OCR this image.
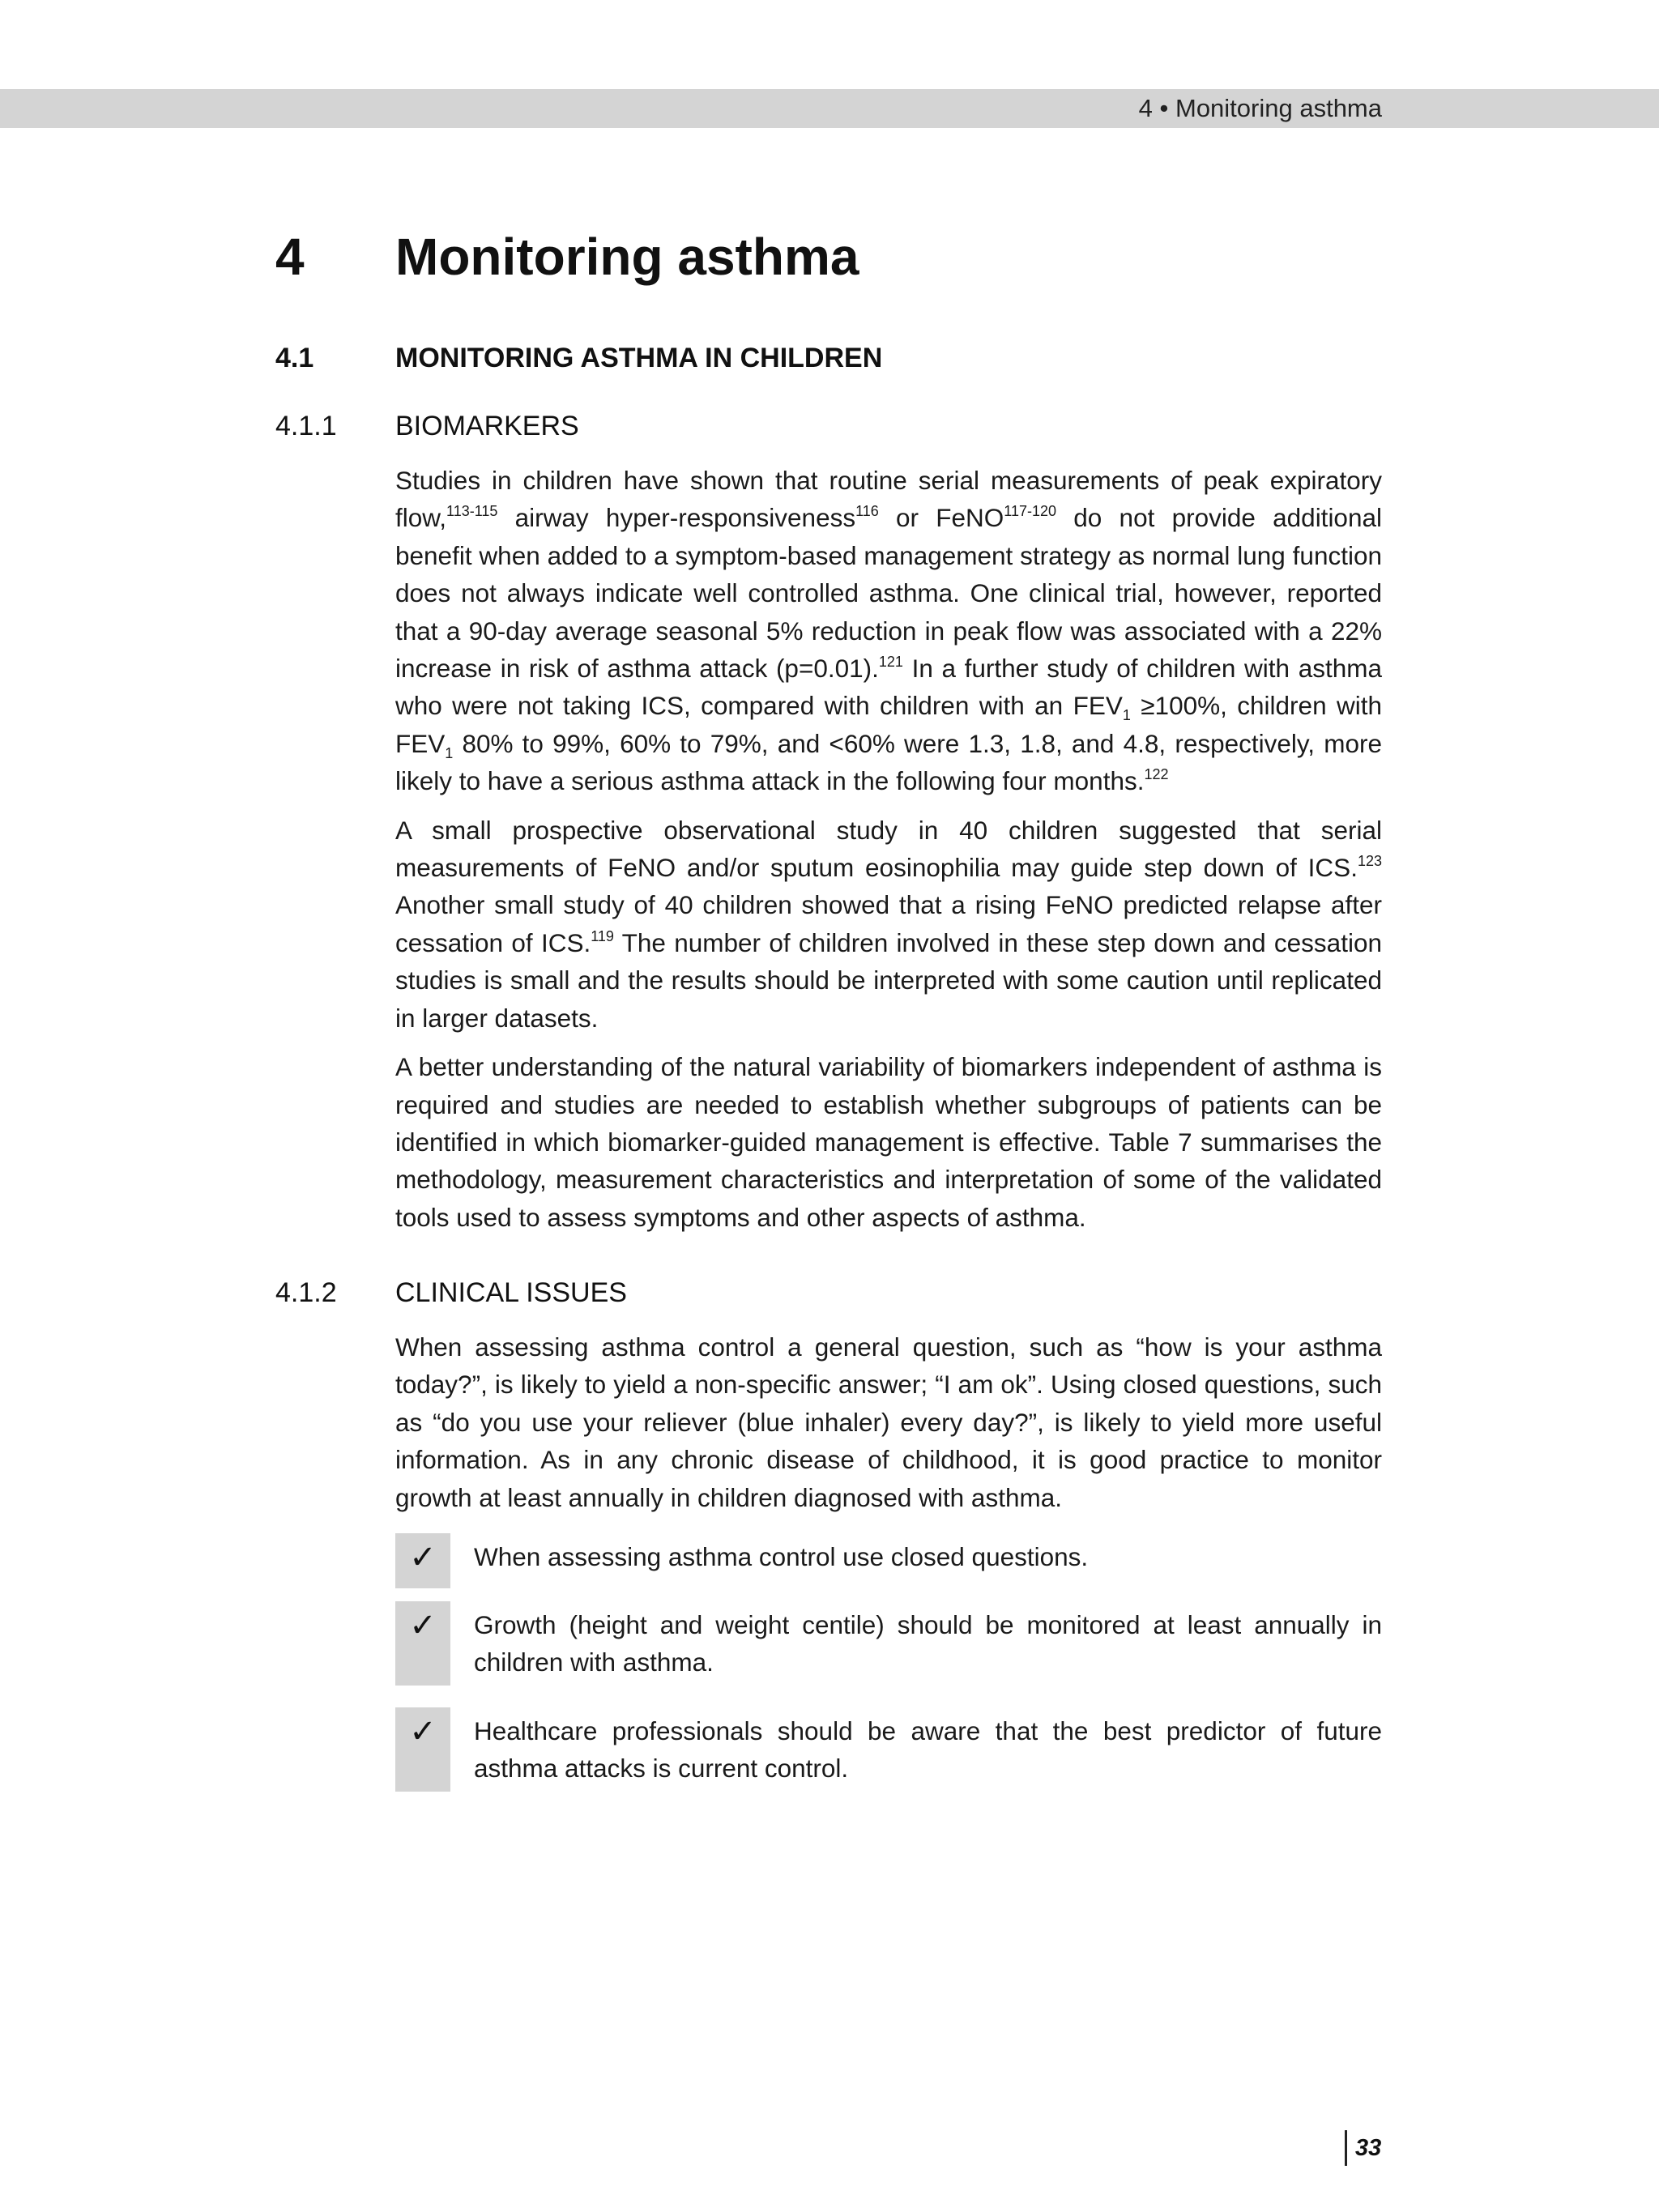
4 • Monitoring asthma
4 Monitoring asthma
4.1	MONITORING ASTHMA IN CHILDREN
4.1.1 BIOMARKERS

Studies in children have shown that routine serial measurements of peak expiratory flow,$^{113-115}$ airway hyper-responsiveness$^{116}$ or FeNO$^{117-120}$ do not provide additional benefit when added to a symptom-based management strategy as normal lung function does not always indicate well controlled asthma. One clinical trial, however, reported that a 90-day average seasonal 5% reduction in peak flow was associated with a 22% increase in risk of asthma attack (p=0.01).$^{121}$ In a further study of children with asthma who were not taking ICS, compared with children with an $FEV_1 \ge 100\%$, children with $FEV_1$ 80% to 99%, 60% to 79%, and <60% were 1.3, 1.8, and 4.8, respectively, more likely to have a serious asthma attack in the following four months.$^{122}$

A small prospective observational study in 40 children suggested that serial measurements of FeNO and/or sputum eosinophilia may guide step down of ICS.$^{123}$ Another small study of 40 children showed that a rising FeNO predicted relapse after cessation of ICS.$^{119}$ The number of children involved in these step down and cessation studies is small and the results should be interpreted with some caution until replicated in larger datasets.

A better understanding of the natural variability of biomarkers independent of asthma is required and studies are needed to establish whether subgroups of patients can be identified in which biomarker-guided management is effective. Table 7 summarises the methodology, measurement characteristics and interpretation of some of the validated tools used to assess symptoms and other aspects of asthma.

4.1.2 CLINICAL ISSUES

When assessing asthma control a general question, such as “how is your asthma today?”, is likely to yield a non-specific answer; “I am ok”. Using closed questions, such as “do you use your reliever (blue inhaler) every day?”, is likely to yield more useful information. As in any chronic disease of childhood, it is good practice to monitor growth at least annually in children diagnosed with asthma.

✓	When assessing asthma control use closed questions.
✓	Growth (height and weight centile) should be monitored at least annually in children with asthma.
✓	Healthcare professionals should be aware that the best predictor of future asthma attacks is current control.
33
